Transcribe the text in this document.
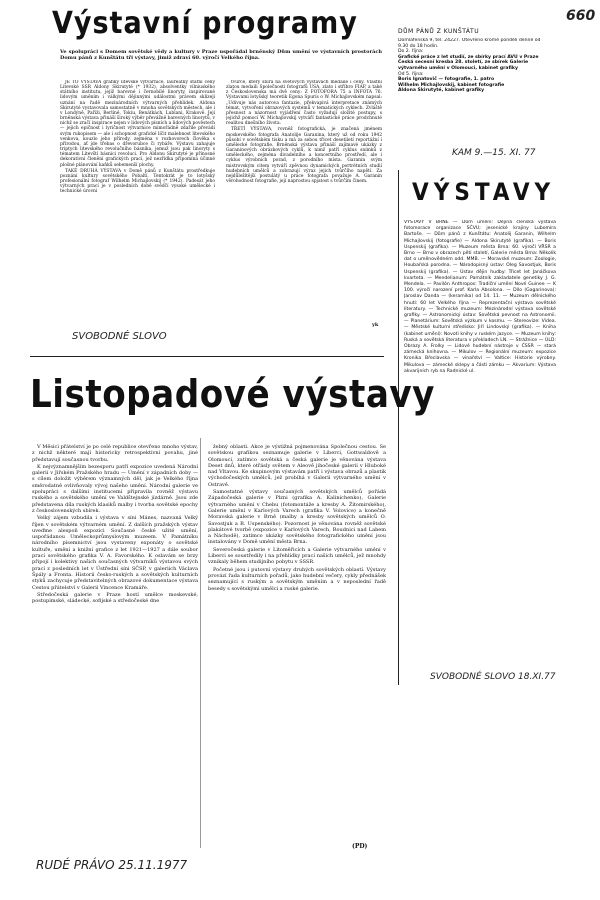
660
Výstavní programy
Ve spolupráci s Domem sovětské vědy a kultury v Praze uspořádal brněnský Dům umění ve výstavních prostorách Domu pánů z Kunštátu tři výstavy, jimiž zdraví 60. výročí Velkého října.

JE TO VÝSTAVA grafiky litevské výtvarnice, laureátky státní ceny Litevské SSR Aldony Skirutyté (* 1932), absolventky vilniuského státního institutu, jejíž barevné i černobílé linoryty, inspirované lidovým uměním i válkými dějinnými událostmi právem sklízejí uznání na řadě mezinárodních výtvarných přehlídek. Aldona Skirutyté vystavovala samostatně v mnoha sovětských městech, ale i v Londýně, Paříži, Berlíně, Tokiu, Benátkách, Lublani, Krakově. Její brněnská výstava přináší široký výběr převážně barevných linorytů, v nichž se zračí inspirace nejen v lidových písních a lidových pověstech — jejich epičnost i lyričnost výtvarnice mimořádně zdařile převádí svým rukopisem — ale i schopnost grafické líčit malebnost litevského venkova, kouzlo jeho přírody, zejména v rozhovorech člověka s přírodou, ať jde třebas o dřevorubce či rybáře. Výstavu zahajuje triptych litevského revolučního básníka, jemuž jsou pak linoryty s tématem Litevští básníci revoluci. Pro Aldonu Skirutyté je přínosné dekorativní členění grafických prací, jež nezřídka připomíná účinné plošné plánování kaňků sebemenší plochy.

TAKÉ DRUHÁ VÝSTAVA v Domě pánů z Kunštátu prostředkuje poznání kultury sovětského Pobaltí. Tentokrát je to lotyšský profesionální fotograf Wilhelm Michajlovskij (* 1942). Padesát jeho výtvarných prací je v posledních době svědčí vysoké umělecké i technické úrovni

tvůrce, který sbírá na světových výstavách medaile i ceny. Vlastní zlatou medaili Společnosti fotografů USA, zlato i stříbro FIAP, a také z Československa má dvě ceny: Z FOTOFORA 75 a INFOTA 76. Výstavami lotyšský teoretik Egona Spurís o W. Michajlovském napsal: „Udivuje nás autorova fantazie, překvapivá interpretace známých témat, vytvoření obrazových systémů v tematických cyklech. Zvláště přesnost a názornost vyjádření často vyžadují složité postupy, s jejichž pomocí W. Michajlovskij vytváří fantastické práce prodchnuté realitou dnešního života.

TŘETÍ VÝSTAVA, rovněž fotografická, je značená jménem moskevského fotografa Anatolije Garanina, který už od roku 1942 působí v sovětském tisku a má za sebou třicet desetiletí reportážní i umělecké fotografie. Brněnská výstava přináší zajímavé ukázky z Garaninových obrázkových cyklů, k nimž patří cyklus snímků z uměleckého, zejména divadelního a koncertního prostředí, ale i cyklus výrobních porad, z porodního místa. Garanin svým mistrovským citem vytváří zpěvnou dynamických portrétních studií hudebních umělců a zobrazují výraz jejich tvůrčího napětí. Za nejdůležitější postulátý u práce fotografa považuje A. Garanin věrohodnost fotografie, její naprostou spjatost s tvůrčím činem.

yk
SVOBODNÉ SLOVO
DŮM PÁNŮ Z KUNŠTÁTU
Domlafenská 9, tel. 24227. Otevřeno kromě pondělí denně od 9.30 do 18 hodin.
Do 2. října:
Grafické práce z let studií, ze sbírky prací AVU v Praze
Česká secesní kresba 28. století, ze sbírek Galerie výtvarného umění v Olomouci, kabinet grafiky
Od 5. října:
Boris Ignatovič — fotografie, 1. patro
Wilhelm Michajlovskij, kabinet fotografie
Aldona Skirutyté, kabinet grafiky
KAM 9.—15. XI. 77
VÝSTAVY
VÝSTAVY V BRNĚ — Dům umění: Dějiná členská výstava fotomorace organizace SČVU; jesenické krajiny Lubomíra Bartoše. — Dům pánů z Kunštátu: Anatolij Garanin, Wilhelm Michajlovskij (fotografie) — Aldona Skirutyté (grafika). — Boris Uspenskij (grafika). — Muzeum města Brna: 60. výročí VŘSR a Brno — Brno v obrazech pěti staletí, Galerie města Brna: Několik dat o uměnovědném odd. MMB. — Moravské muzeum: Zoologie, Houbařská porodna. — Národopisný ústav: Oleg Savostjuk, Boris Uspenskij (grafika). — Ústav dějin hudby: Třicet let Janáčkova kvarteta. — Mendelianum: Památník zakladatele genetiky J. G. Mendela. — Pavilón Anthropos: Tradiční umění Nové Guinee — K 100. výročí narození prof. Karla Absolona. — Dílo (Gagarinova): Jaroslav Danda — (keramika) od 14. 11. — Muzeum dělnického hnutí: 60 let Velkého října — Reprezentační výstava sovětské literatury. — Technické muzeum: Mezinárodní výstava sovětské grafiky. — Astronomický ústav: Sovětská pevnost na Astronomii. — Planetárium: Sovětská výzkum v kosmu. — Stereovize: Videa. — Městské kulturní středisko: Jiří Lindovský (grafika). — Kniha (kabinet umění): Novoti knihy v ruském jazyce. — Muzeum knihy: Ruská a sovětská literatura v překladech LN. — Strážnice — ÚLD: Obrazy A. Frolky — Lidové hudební nástroje v ČSSR — stará zámecká knihovna. — Mikulov — Regionální muzeum: expozice Kronika Břeclavska — vinařství — Valtice: Historie výrobny. Mikulova — zámecké sklepy a části zámku — Akvarium: Výstava akvarijních ryb na Radnické ul.
SVOBODNÉ SLOVO 18.XI.77
Listopadové výstavy

V Měsíci přátelství je po celé republice otevřeno mnoho výstav, z nichž některé mají historicky retrospektivní povahu, jiné představují současnou tvorbu.

K nejvýznamnějším bezesporu patří expozice uvedená Národní galerií v Jiřském Pražského hradu — Umění v západních doby — s cílem doložit výběrem významných děl, jak je Velkého října směrodatně ovlivňovaly vývoj našeho umění. Národní galerie ve spolupráci s dalšími institucemi připravila rovněž výstavu ruského a sovětského umění ve Valdštejnské jízdárně. Jsou zde představena díla ruských klasiků malby i tvorba sovětské epochy z československých sbírek.

Velký zájem vzbudila i výstava v síni Mánes, nazvaná Velký říjen v sovětském výtvarném umění. Z dalších pražských výstav uveďme alespoň expozici Současné české užité umění, uspořádanou Uměleckoprůmyslovým muzeem. V Památníku národního písemnictví jsou vystaveny exponáty o sovětské kultuře, umění a knižní grafice z let 1921—1927 a dále soubor prací sovětského grafika V. A. Favorského. K oslavám se brzy připojí i kolektivy našich současných výtvarníků výstavou svých prací z posledních let v Ústřední síni SČSP, v galeriích Václava Špály a Fronta. Historii česko-ruských a sovětských kulturních styků zachycuje představitelných obrazové dokumentace výstava Cestou přátelství v Galerii Vincence Kramáře.

Středočeská galerie v Praze hostí umělce moskevské, postupimské, sládecké, sofijské a středočeské dne

žebný oblasti. Akce je výstižná pojmenována Společnou cestou. Se sovětskou grafikou seznamuje galerie v Liberci, Gottwaldově a Olomouci, zatímco sovětská a česká galerie je věnována výstava Deset dnů, které otřásly světem v Aleově jihočeské galerii v Hluboké nad Vltavou. Ke skupinovým výstavám patří i výstava obrazů a plastik východočeských umělců, jež probíhá v Galerii výtvarného umění v Ostravě.

Samostatné výstavy současných sovětských umělců pořádá Západočeská galerie v Plzni (grafika A. Kalinichenko), Galerie výtvarného umění v Chebu (fotomontáže a kresby A. Žitomirského), Galerie umění v Karlových Varech (grafika V. Volovice) a konečně Moravská galerie v Brně (malby a kresby sovětských umělců O. Savostjuk a B. Uspenského). Pozornost je věnována rovněž sovětské plakátové tvorbě (expozice v Karlových Varech, Roudnici nad Labem a Náchodě), zatímco ukázky sovětského fotografického umění jsou instalovány v Domě umění města Brna.

Severočeská galerie v Litoměřicích a Galerie výtvarného umění v Liberci se soustředily i na přehlídky prací našich umělců, jež mnohdy vznikaly během studijního pobytu v SSSR.

Početné jsou i putovní výstavy druhých sovětských oblastí. Výstavy provází řada kulturních pořadů, jako hudební večery, cykly přednášek seznamující s ruským a sovětským uměním a v neposlední řadě besedy s sovětskými umělci a ruské galerie.

(PD)
RUDÉ PRÁVO 25.11.1977
